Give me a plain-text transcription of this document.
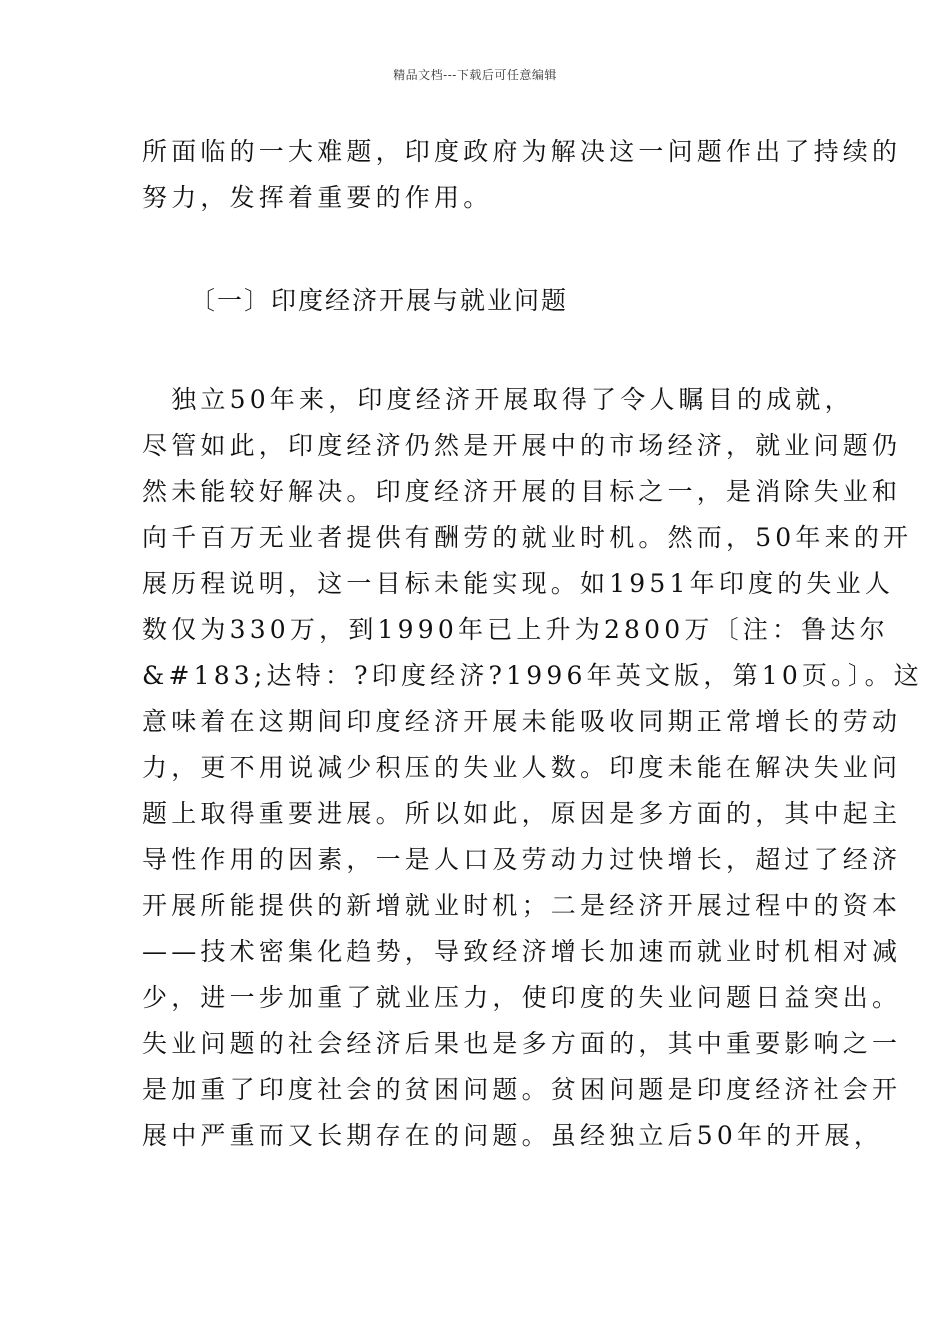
精品文档---下载后可任意编辑
所面临的一大难题，印度政府为解决这一问题作出了持续的
努力，发挥着重要的作用。
〔一〕印度经济开展与就业问题
　独立50年来，印度经济开展取得了令人瞩目的成就，
尽管如此，印度经济仍然是开展中的市场经济，就业问题仍
然未能较好解决。印度经济开展的目标之一，是消除失业和
向千百万无业者提供有酬劳的就业时机。然而，50年来的开
展历程说明，这一目标未能实现。如1951年印度的失业人
数仅为330万，到1990年已上升为2800万〔注：鲁达尔
&#183;达特：?印度经济?1996年英文版，第10页。〕。这
意味着在这期间印度经济开展未能吸收同期正常增长的劳动
力，更不用说减少积压的失业人数。印度未能在解决失业问
题上取得重要进展。所以如此，原因是多方面的，其中起主
导性作用的因素，一是人口及劳动力过快增长，超过了经济
开展所能提供的新增就业时机；二是经济开展过程中的资本
——技术密集化趋势，导致经济增长加速而就业时机相对减
少，进一步加重了就业压力，使印度的失业问题日益突出。
失业问题的社会经济后果也是多方面的，其中重要影响之一
是加重了印度社会的贫困问题。贫困问题是印度经济社会开
展中严重而又长期存在的问题。虽经独立后50年的开展，
